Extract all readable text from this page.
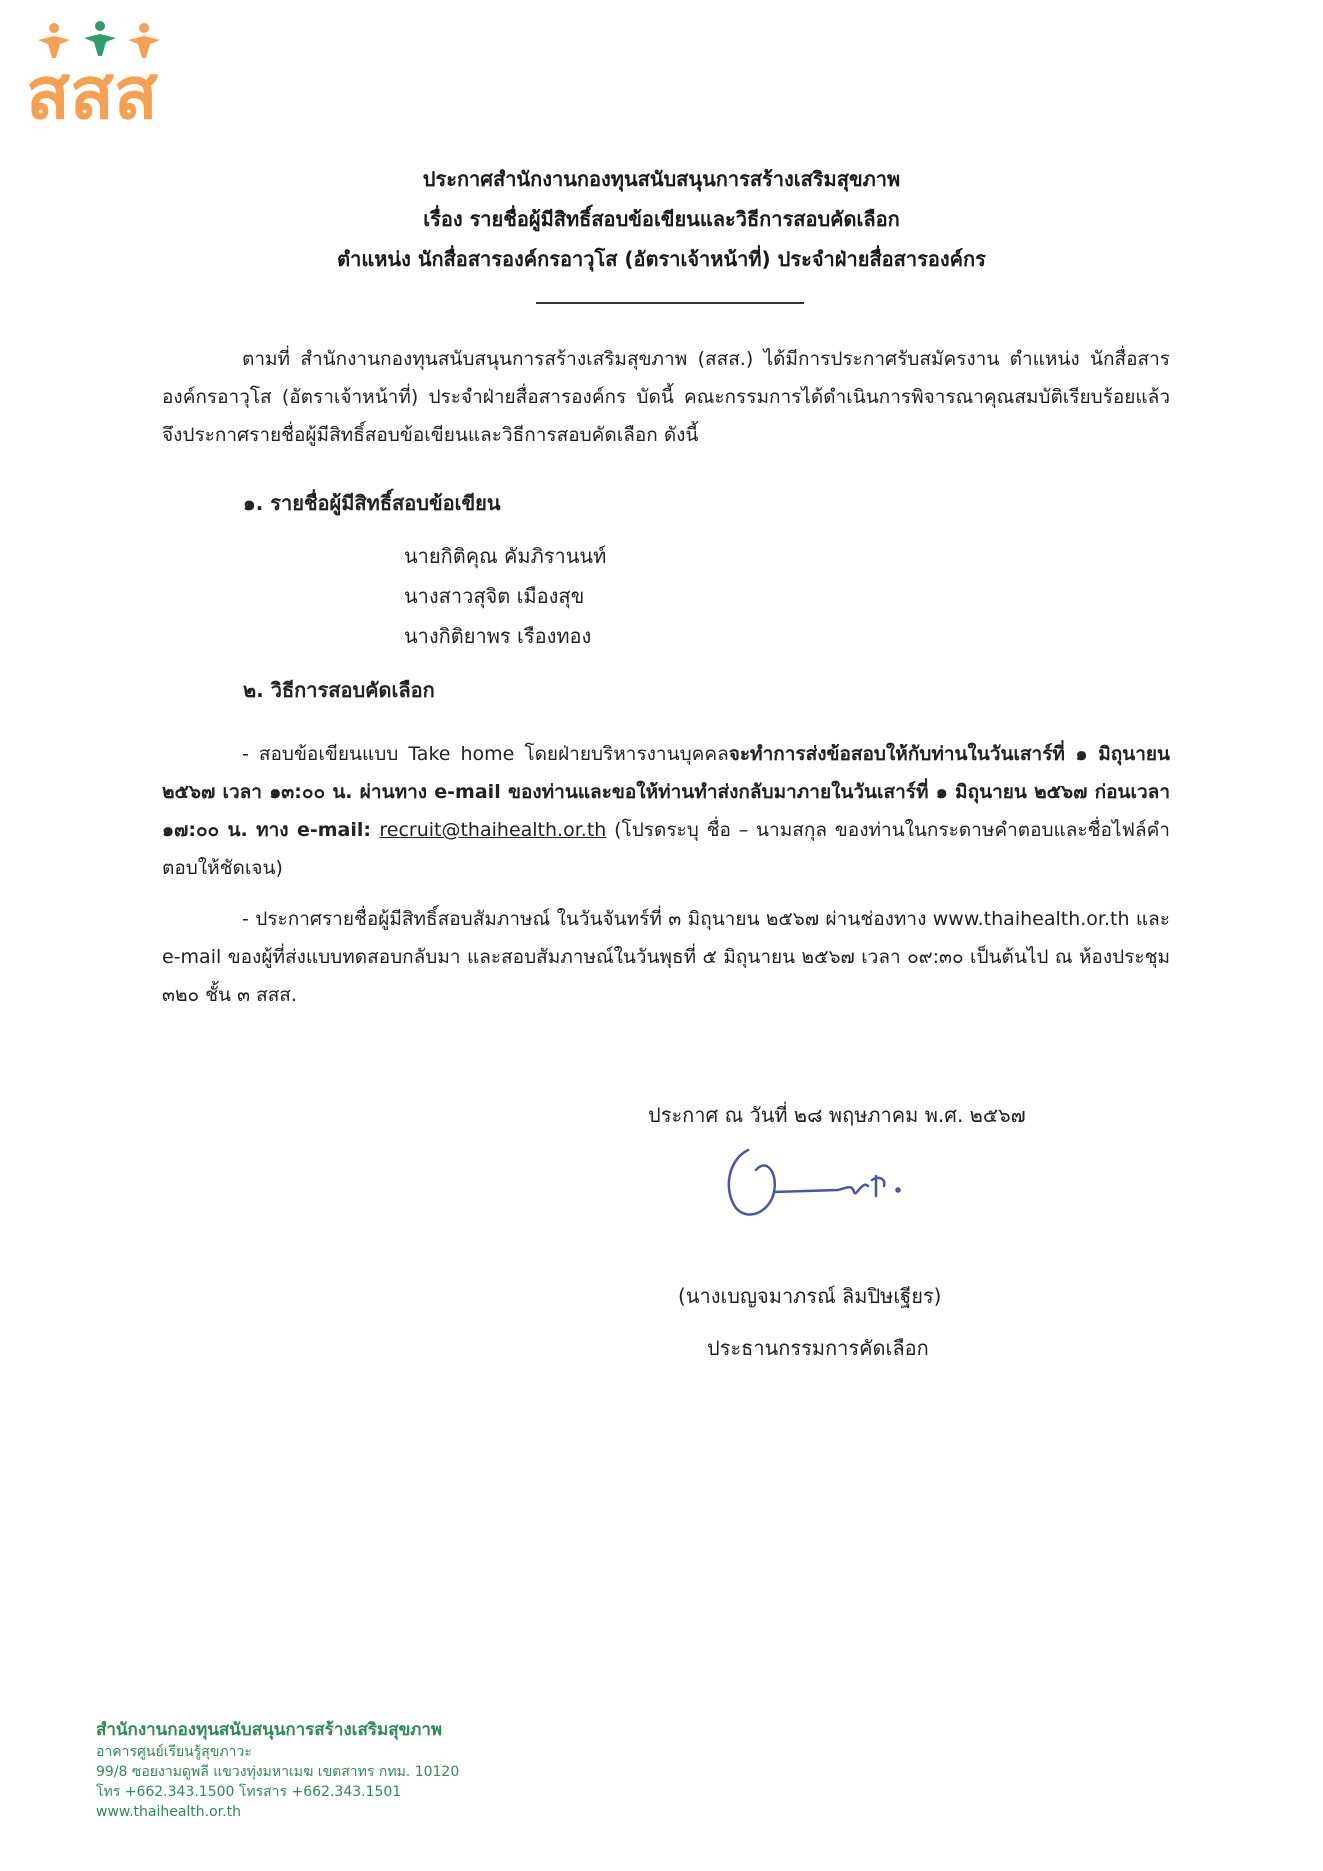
สสส
ประกาศสำนักงานกองทุนสนับสนุนการสร้างเสริมสุขภาพ
เรื่อง รายชื่อผู้มีสิทธิ์สอบข้อเขียนและวิธีการสอบคัดเลือก
ตำแหน่ง นักสื่อสารองค์กรอาวุโส (อัตราเจ้าหน้าที่) ประจำฝ่ายสื่อสารองค์กร

ตามที่ สำนักงานกองทุนสนับสนุนการสร้างเสริมสุขภาพ (สสส.) ได้มีการประกาศรับสมัครงาน ตำแหน่ง นักสื่อสารองค์กรอาวุโส (อัตราเจ้าหน้าที่) ประจำฝ่ายสื่อสารองค์กร บัดนี้ คณะกรรมการได้ดำเนินการพิจารณาคุณสมบัติเรียบร้อยแล้ว จึงประกาศรายชื่อผู้มีสิทธิ์สอบข้อเขียนและวิธีการสอบคัดเลือก ดังนี้

๑. รายชื่อผู้มีสิทธิ์สอบข้อเขียน
นายกิติคุณ คัมภิรานนท์
นางสาวสุจิต เมืองสุข
นางกิติยาพร เรืองทอง
๒. วิธีการสอบคัดเลือก

- สอบข้อเขียนแบบ Take home โดยฝ่ายบริหารงานบุคคลจะทำการส่งข้อสอบให้กับท่านในวันเสาร์ที่ ๑ มิถุนายน ๒๕๖๗ เวลา ๑๓:๐๐ น. ผ่านทาง e-mail ของท่านและขอให้ท่านทำส่งกลับมาภายในวันเสาร์ที่ ๑ มิถุนายน ๒๕๖๗ ก่อนเวลา ๑๗:๐๐ น. ทาง e-mail: recruit@thaihealth.or.th (โปรดระบุ ชื่อ – นามสกุล ของท่านในกระดาษคำตอบและชื่อไฟล์คำตอบให้ชัดเจน)

- ประกาศรายชื่อผู้มีสิทธิ์สอบสัมภาษณ์ ในวันจันทร์ที่ ๓ มิถุนายน ๒๕๖๗ ผ่านช่องทาง www.thaihealth.or.th และ e-mail ของผู้ที่ส่งแบบทดสอบกลับมา และสอบสัมภาษณ์ในวันพุธที่ ๕ มิถุนายน ๒๕๖๗ เวลา ๐๙:๓๐ เป็นต้นไป ณ ห้องประชุม ๓๒๐ ชั้น ๓ สสส.

ประกาศ ณ วันที่ ๒๘ พฤษภาคม พ.ศ. ๒๕๖๗
(นางเบญจมาภรณ์ ลิมปิษเฐียร)
ประธานกรรมการคัดเลือก
สำนักงานกองทุนสนับสนุนการสร้างเสริมสุขภาพ
อาคารศูนย์เรียนรู้สุขภาวะ
99/8 ซอยงามดูพลี แขวงทุ่งมหาเมฆ เขตสาทร กทม. 10120
โทร +662.343.1500 โทรสาร +662.343.1501
www.thaihealth.or.th
